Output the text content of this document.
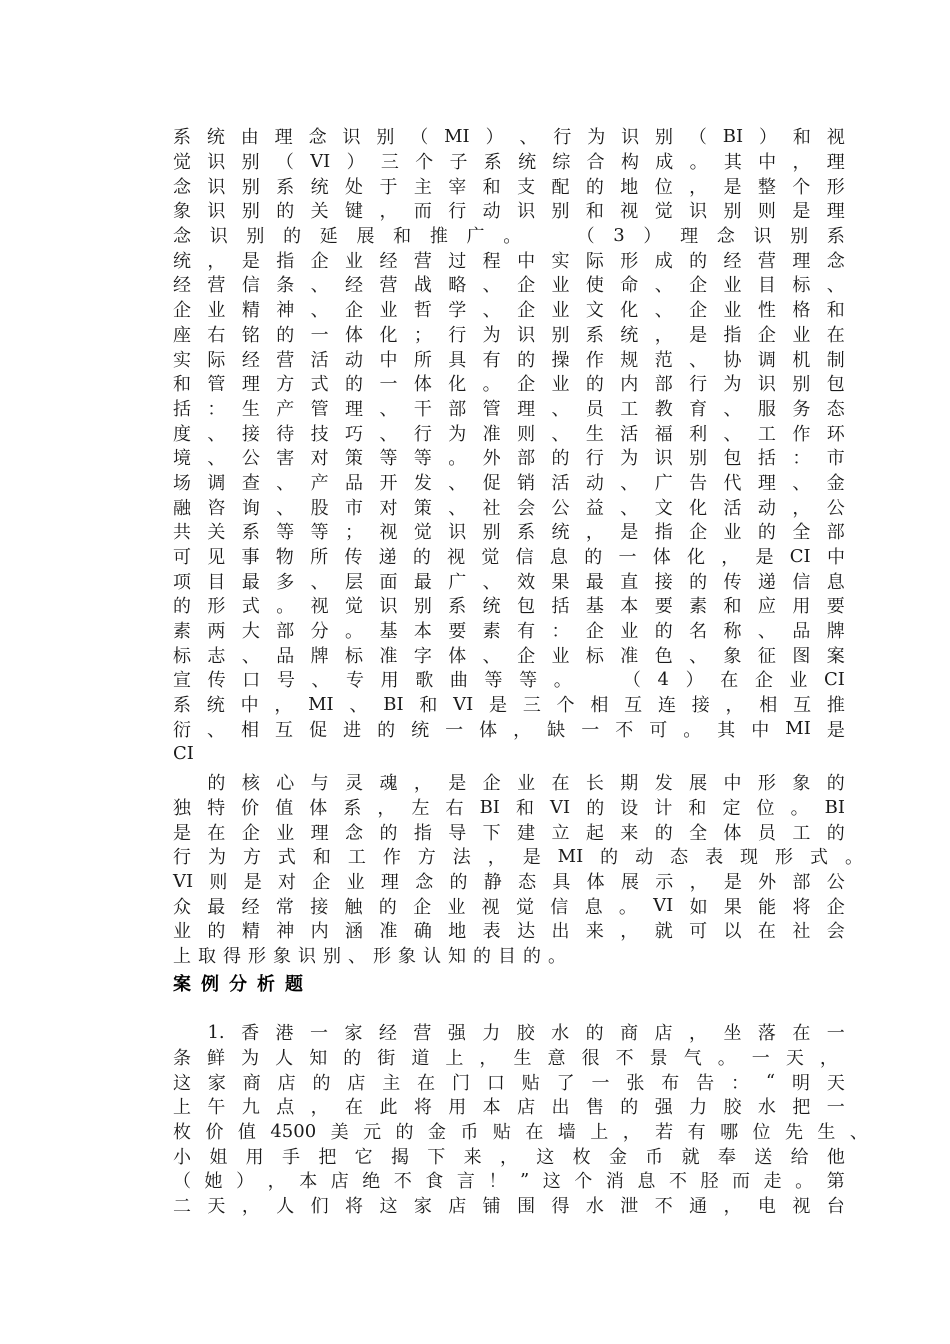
系 统 由 理 念 识 别 （ MI ） 、 行 为 识 别 （ BI ） 和 视
觉 识 别 （ VI ） 三 个 子 系 统 综 合 构 成 。 其 中 ， 理
念 识 别 系 统 处 于 主 宰 和 支 配 的 地 位 ， 是 整 个 形
象 识 别 的 关 键 ， 而 行 动 识 别 和 视 觉 识 别 则 是 理
念 识 别 的 延 展 和 推 广 。
　	（ 3 ） 理 念 识 别 系
统 ， 是 指 企 业 经 营 过 程 中 实 际 形 成 的 经 营 理 念
经 营 信 条 、 经 营 战 略 、 企 业 使 命 、 企 业 目 标 、
企 业 精 神 、 企 业 哲 学 、 企 业 文 化 、 企 业 性 格 和
座 右 铭 的 一 体 化 ； 行 为 识 别 系 统 ， 是 指 企 业 在
实 际 经 营 活 动 中 所 具 有 的 操 作 规 范 、 协 调 机 制
和 管 理 方 式 的 一 体 化 。 企 业 的 内 部 行 为 识 别 包
括 ： 生 产 管 理 、 干 部 管 理 、 员 工 教 育 、 服 务 态
度 、 接 待 技 巧 、 行 为 准 则 、 生 活 福 利 、 工 作 环
境 、 公 害 对 策 等 等 。 外 部 的 行 为 识 别 包 括 ： 市
场 调 查 、 产 品 开 发 、 促 销 活 动 、 广 告 代 理 、 金
融 咨 询 、 股 市 对 策 、 社 会 公 益 、 文 化 活 动 ， 公
共 关 系 等 等 ； 视 觉 识 别 系 统 ， 是 指 企 业 的 全 部
可 见 事 物 所 传 递 的 视 觉 信 息 的 一 体 化 ， 是 CI 中
项 目 最 多 、 层 面 最 广 、 效 果 最 直 接 的 传 递 信 息
的 形 式 。 视 觉 识 别 系 统 包 括 基 本 要 素 和 应 用 要
素 两 大 部 分 。 基 本 要 素 有 ： 企 业 的 名 称 、 品 牌
标 志 、 品 牌 标 准 字 体 、 企 业 标 准 色 、 象 征 图 案
宣 传 口 号 、 专 用 歌 曲 等 等 。
　	（ 4 ） 在 企 业 CI
系 统 中 ， MI 、 BI 和 VI 是 三 个 相 互 连 接 ， 相 互 推
衍 、 相 互 促 进 的 统 一 体 ， 缺 一 不 可 。 其 中 MI 是
CI

的 核 心 与 灵 魂 ， 是 企 业 在 长 期 发 展 中 形 象 的
独 特 价 值 体 系 ， 左 右 BI 和 VI 的 设 计 和 定 位 。 BI
是 在 企 业 理 念 的 指 导 下 建 立 起 来 的 全 体 员 工 的
行 为 方 式 和 工 作 方 法 ， 是 MI 的 动 态 表 现 形 式 。
VI 则 是 对 企 业 理 念 的 静 态 具 体 展 示 ， 是 外 部 公
众 最 经 常 接 触 的 企 业 视 觉 信 息 。 VI 如 果 能 将 企
业 的 精 神 内 涵 准 确 地 表 达 出 来 ， 就 可 以 在 社 会
上 取 得 形 象 识 别 、 形 象 认 知 的 目 的 。
案例分析题

1. 香 港 一 家 经 营 强 力 胶 水 的 商 店 ， 坐 落 在 一
条 鲜 为 人 知 的 街 道 上 ， 生 意 很 不 景 气 。 一 天 ，
这 家 商 店 的 店 主 在 门 口 贴 了 一 张 布 告 ： “ 明 天
上 午 九 点 ， 在 此 将 用 本 店 出 售 的 强 力 胶 水 把 一
枚 价 值 4500 美 元 的 金 币 贴 在 墙 上 ， 若 有 哪 位 先 生 、
小 姐 用 手 把 它 揭 下 来 ， 这 枚 金 币 就 奉 送 给 他
（ 她 ） ， 本 店 绝 不 食 言 ！ ” 这 个 消 息 不 胫 而 走 。 第
二 天 ， 人 们 将 这 家 店 铺 围 得 水 泄 不 通 ， 电 视 台
